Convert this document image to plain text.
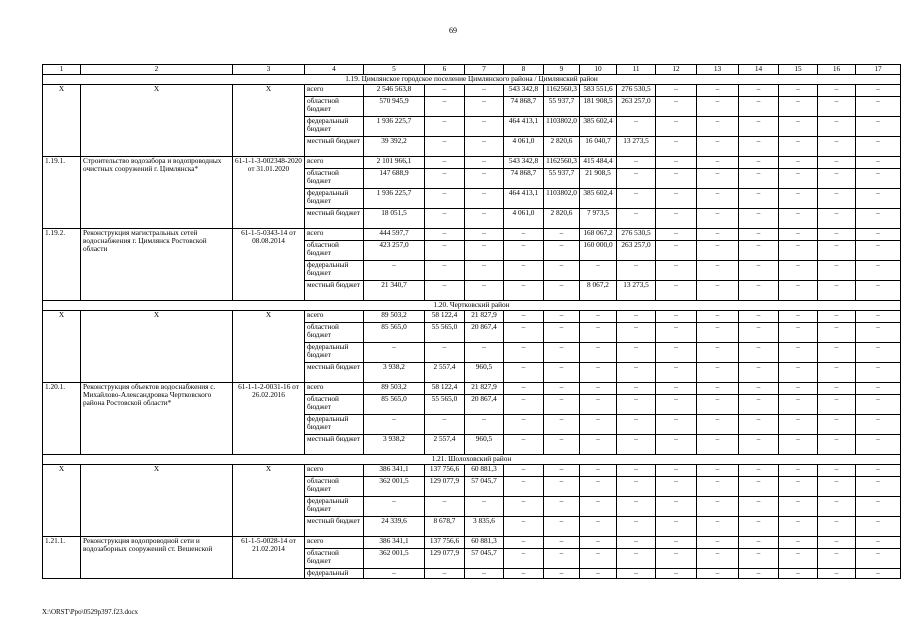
69
1	2	3	4	5	6	7	8	9	10	11	12	13	14	15	16	17
1.19. Цимлянское городское поселение Цимлянского района / Цимлянский район																
Х	Х	Х	всего	2 546 563,8	–	–	543 342,8	1162560,3	583 551,6	276 530,5	–	–	–	–	–	–
			областной бюджет	570 945,9	–	–	74 868,7	55 937,7	181 908,5	263 257,0	–	–	–	–	–	–
			федеральный бюджет	1 936 225,7	–	–	464 413,1	1103802,0	385 602,4	–	–	–	–	–	–	–
			местный бюджет	39 392,2	–	–	4 061,0	2 820,6	16 040,7	13 273,5	–	–	–	–	–	–
1.19.1.	Строительство водозабора и водопроводных очистных сооружений г. Цимлянска*	61-1-1-3-002348-2020 от 31.01.2020	всего	2 101 966,1	–	–	543 342,8	1162560,3	415 484,4	–	–	–	–	–	–	–
			областной бюджет	147 688,9	–	–	74 868,7	55 937,7	21 908,5	–	–	–	–	–	–	–
			федеральный бюджет	1 936 225,7	–	–	464 413,1	1103802,0	385 602,4	–	–	–	–	–	–	–
			местный бюджет	18 051,5	–	–	4 061,0	2 820,6	7 973,5	–	–	–	–	–	–	–
1.19.2.	Реконструкция магистральных сетей водоснабжения г. Цимлянск Ростовской области	61-1-5-0343-14 от 08.08.2014	всего	444 597,7	–	–	–	–	168 067,2	276 530,5	–	–	–	–	–	–
			областной бюджет	423 257,0	–	–	–	–	160 000,0	263 257,0	–	–	–	–	–	–
			федеральный бюджет	–	–	–	–	–	–	–	–	–	–	–	–	–
			местный бюджет	21 340,7	–	–	–	–	8 067,2	13 273,5	–	–	–	–	–	–
1.20. Чертковский район																
Х	Х	Х	всего	89 503,2	58 122,4	21 827,9	–	–	–	–	–	–	–	–	–	–
			областной бюджет	85 565,0	55 565,0	20 867,4	–	–	–	–	–	–	–	–	–	–
			федеральный бюджет	–	–	–	–	–	–	–	–	–	–	–	–	–
			местный бюджет	3 938,2	2 557,4	960,5	–	–	–	–	–	–	–	–	–	–
1.20.1.	Реконструкция объектов водоснабжения с. Михайлово-Александровка Чертковского района Ростовской области*	61-1-1-2-0031-16 от 26.02.2016	всего	89 503,2	58 122,4	21 827,9	–	–	–	–	–	–	–	–	–	–
			областной бюджет	85 565,0	55 565,0	20 867,4	–	–	–	–	–	–	–	–	–	–
			федеральный бюджет	–	–	–	–	–	–	–	–	–	–	–	–	–
			местный бюджет	3 938,2	2 557,4	960,5	–	–	–	–	–	–	–	–	–	–
1.21. Шолоховский район																
Х	Х	Х	всего	386 341,1	137 756,6	60 881,3	–	–	–	–	–	–	–	–	–	–
			областной бюджет	362 001,5	129 077,9	57 045,7	–	–	–	–	–	–	–	–	–	–
			федеральный бюджет	–	–	–	–	–	–	–	–	–	–	–	–	–
			местный бюджет	24 339,6	8 678,7	3 835,6	–	–	–	–	–	–	–	–	–	–
1.21.1.	Реконструкция водопроводной сети и водозаборных сооружений ст. Вешенской	61-1-5-0028-14 от 21.02.2014	всего	386 341,1	137 756,6	60 881,3	–	–	–	–	–	–	–	–	–	–
			областной бюджет	362 001,5	129 077,9	57 045,7	–	–	–	–	–	–	–	–	–	–
			федеральный	–	–	–	–	–	–	–	–	–	–	–	–	–
X:\ORST\Ppo\0529p397.f23.docx
